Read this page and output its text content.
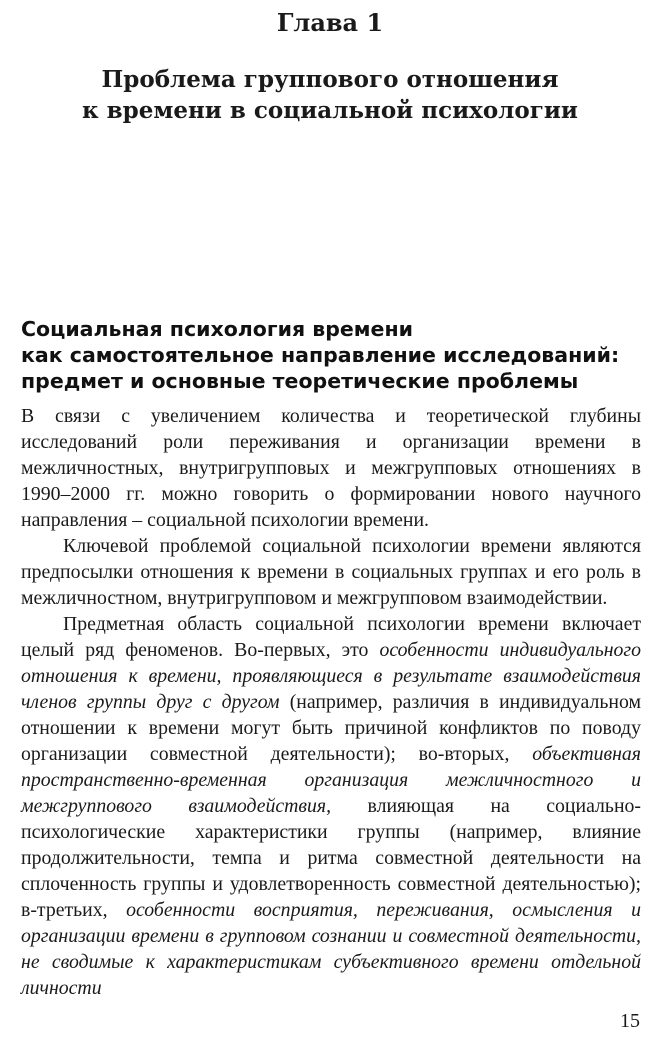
Глава 1
Проблема группового отношения
к времени в социальной психологии
Социальная психология времени
как самостоятельное направление исследований:
предмет и основные теоретические проблемы

В связи с увеличением количества и теоретической глубины исследований роли переживания и организации времени в межличностных, внутригрупповых и межгрупповых отношениях в 1990–2000 гг. можно говорить о формировании нового научного направления – социальной психологии времени.

Ключевой проблемой социальной психологии времени являются предпосылки отношения к времени в социальных группах и его роль в межличностном, внутригрупповом и межгрупповом взаимодействии.

Предметная область социальной психологии времени включает целый ряд феноменов. Во-первых, это особенности индивидуального отношения к времени, проявляющиеся в результате взаимодействия членов группы друг с другом (например, различия в индивидуальном отношении к времени могут быть причиной конфликтов по поводу организации совместной деятельности); во-вторых, объективная пространственно-временная организация межличностного и межгруппового взаимодействия, влияющая на социально-психологические характеристики группы (например, влияние продолжительности, темпа и ритма совместной деятельности на сплоченность группы и удовлетворенность совместной деятельностью); в-третьих, особенности восприятия, переживания, осмысления и организации времени в групповом сознании и совместной деятельности, не сводимые к характеристикам субъективного времени отдельной личности

15
